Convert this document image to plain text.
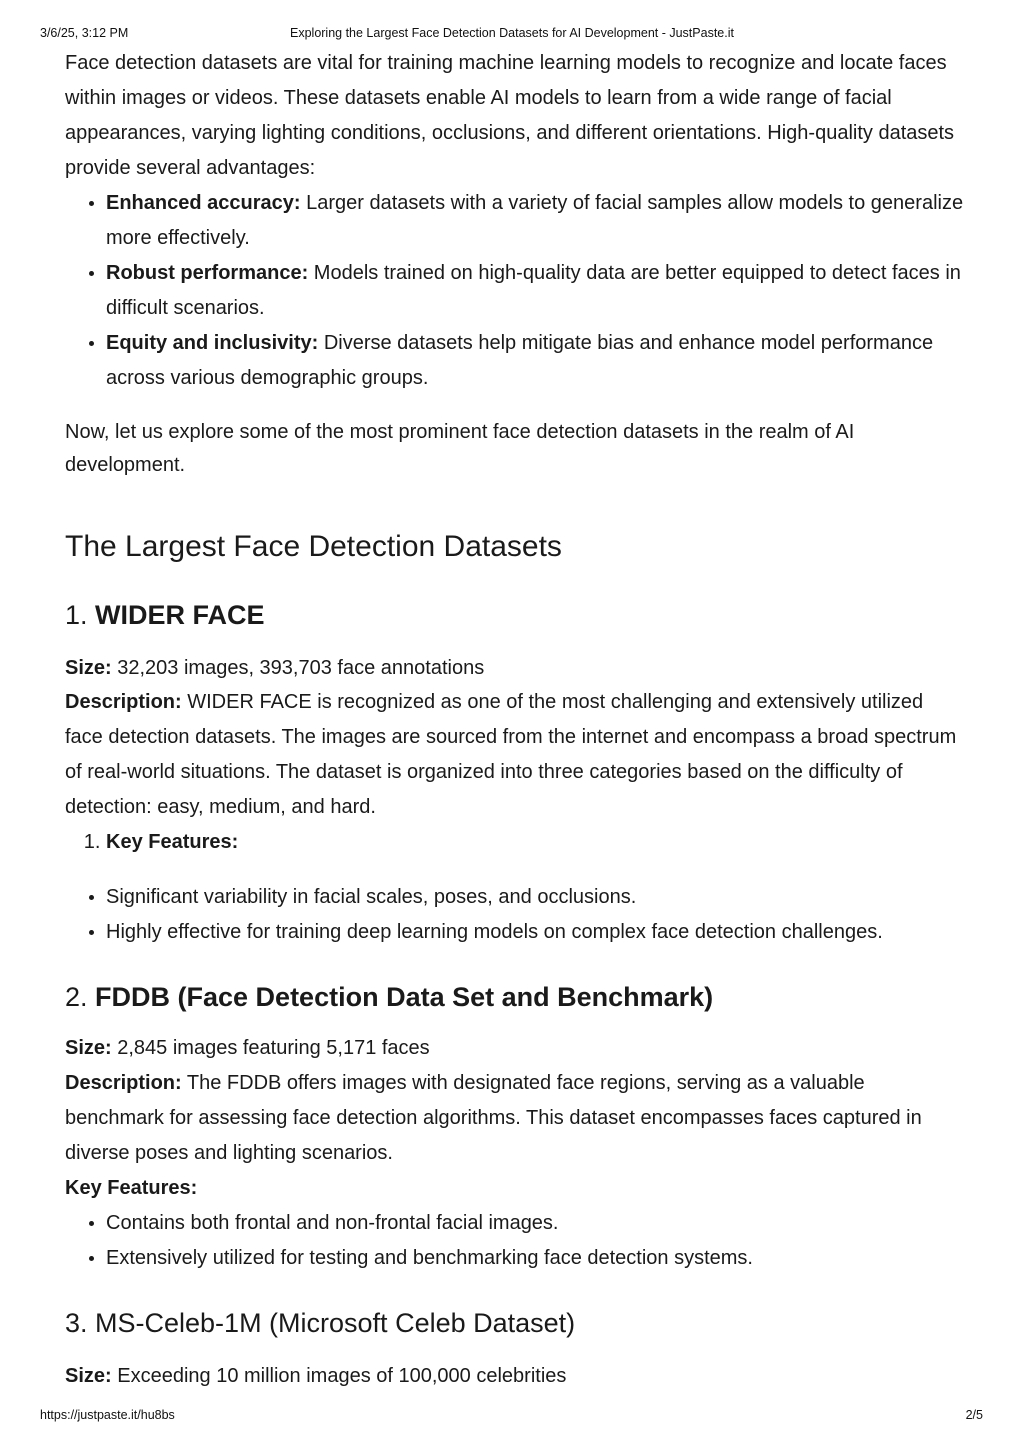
3/6/25, 3:12 PM	Exploring the Largest Face Detection Datasets for AI Development - JustPaste.it

Face detection datasets are vital for training machine learning models to recognize and locate faces within images or videos. These datasets enable AI models to learn from a wide range of facial appearances, varying lighting conditions, occlusions, and different orientations. High-quality datasets provide several advantages:

• Enhanced accuracy: Larger datasets with a variety of facial samples allow models to generalize more effectively.
• Robust performance: Models trained on high-quality data are better equipped to detect faces in difficult scenarios.
• Equity and inclusivity: Diverse datasets help mitigate bias and enhance model performance across various demographic groups.

Now, let us explore some of the most prominent face detection datasets in the realm of AI development.

The Largest Face Detection Datasets
1. WIDER FACE

Size: 32,203 images, 393,703 face annotations

Description: WIDER FACE is recognized as one of the most challenging and extensively utilized face detection datasets. The images are sourced from the internet and encompass a broad spectrum of real-world situations. The dataset is organized into three categories based on the difficulty of detection: easy, medium, and hard.

1. Key Features:
• Significant variability in facial scales, poses, and occlusions.
• Highly effective for training deep learning models on complex face detection challenges.
2. FDDB (Face Detection Data Set and Benchmark)

Size: 2,845 images featuring 5,171 faces

Description: The FDDB offers images with designated face regions, serving as a valuable benchmark for assessing face detection algorithms. This dataset encompasses faces captured in diverse poses and lighting scenarios.

Key Features:

• Contains both frontal and non-frontal facial images.
• Extensively utilized for testing and benchmarking face detection systems.
3. MS-Celeb-1M (Microsoft Celeb Dataset)

Size: Exceeding 10 million images of 100,000 celebrities

https://justpaste.it/hu8bs	2/5
